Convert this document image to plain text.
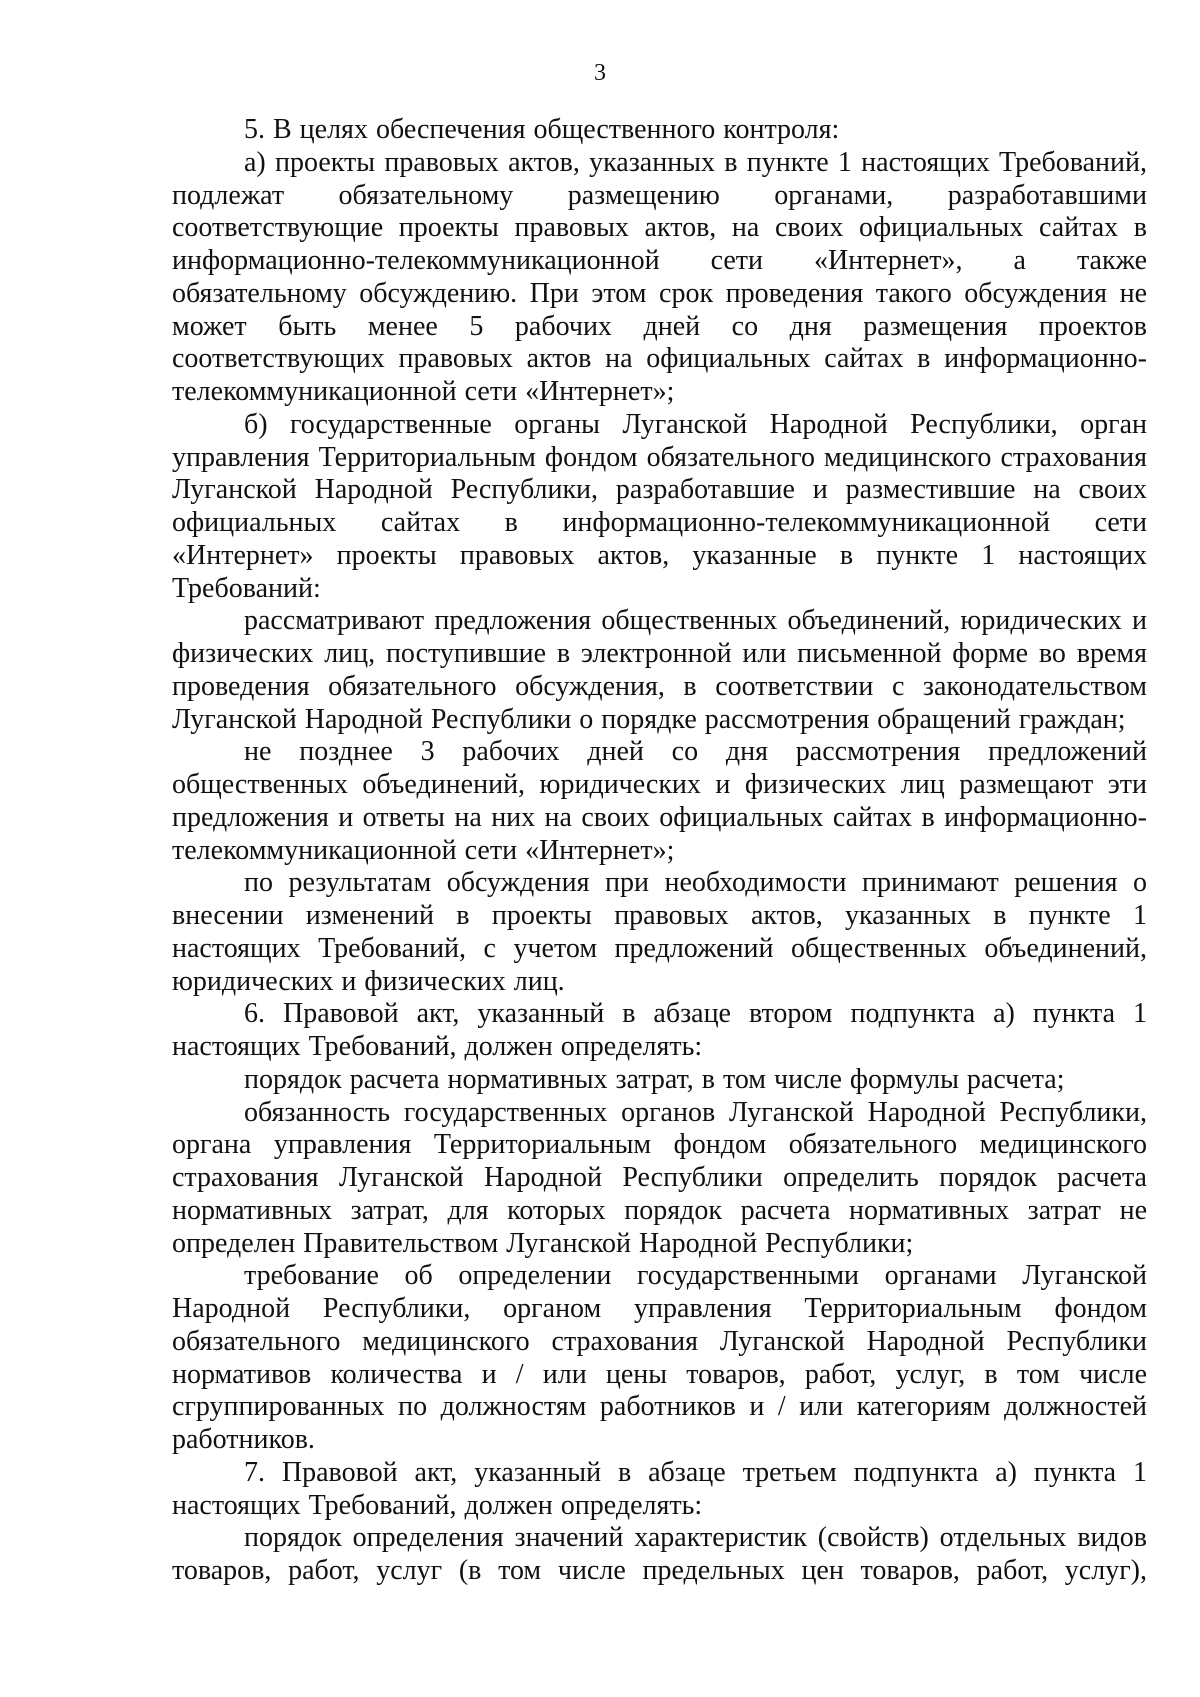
3

5. В целях обеспечения общественного контроля:

а) проекты правовых актов, указанных в пункте 1 настоящих Требований, подлежат обязательному размещению органами, разработавшими соответствующие проекты правовых актов, на своих официальных сайтах в информационно-телекоммуникационной сети «Интернет», а также обязательному обсуждению. При этом срок проведения такого обсуждения не может быть менее 5 рабочих дней со дня размещения проектов соответствующих правовых актов на официальных сайтах в информационно-телекоммуникационной сети «Интернет»;

б) государственные органы Луганской Народной Республики, орган управления Территориальным фондом обязательного медицинского страхования Луганской Народной Республики, разработавшие и разместившие на своих официальных сайтах в информационно-телекоммуникационной сети «Интернет» проекты правовых актов, указанные в пункте 1 настоящих Требований:

рассматривают предложения общественных объединений, юридических и физических лиц, поступившие в электронной или письменной форме во время проведения обязательного обсуждения, в соответствии с законодательством Луганской Народной Республики о порядке рассмотрения обращений граждан;

не позднее 3 рабочих дней со дня рассмотрения предложений общественных объединений, юридических и физических лиц размещают эти предложения и ответы на них на своих официальных сайтах в информационно-телекоммуникационной сети «Интернет»;

по результатам обсуждения при необходимости принимают решения о внесении изменений в проекты правовых актов, указанных в пункте 1 настоящих Требований, с учетом предложений общественных объединений, юридических и физических лиц.

6. Правовой акт, указанный в абзаце втором подпункта а) пункта 1 настоящих Требований, должен определять:

порядок расчета нормативных затрат, в том числе формулы расчета;

обязанность государственных органов Луганской Народной Республики, органа управления Территориальным фондом обязательного медицинского страхования Луганской Народной Республики определить порядок расчета нормативных затрат, для которых порядок расчета нормативных затрат не определен Правительством Луганской Народной Республики;

требование об определении государственными органами Луганской Народной Республики, органом управления Территориальным фондом обязательного медицинского страхования Луганской Народной Республики нормативов количества и / или цены товаров, работ, услуг, в том числе сгруппированных по должностям работников и / или категориям должностей работников.

7. Правовой акт, указанный в абзаце третьем подпункта а) пункта 1 настоящих Требований, должен определять:

порядок определения значений характеристик (свойств) отдельных видов товаров, работ, услуг (в том числе предельных цен товаров, работ, услуг),
